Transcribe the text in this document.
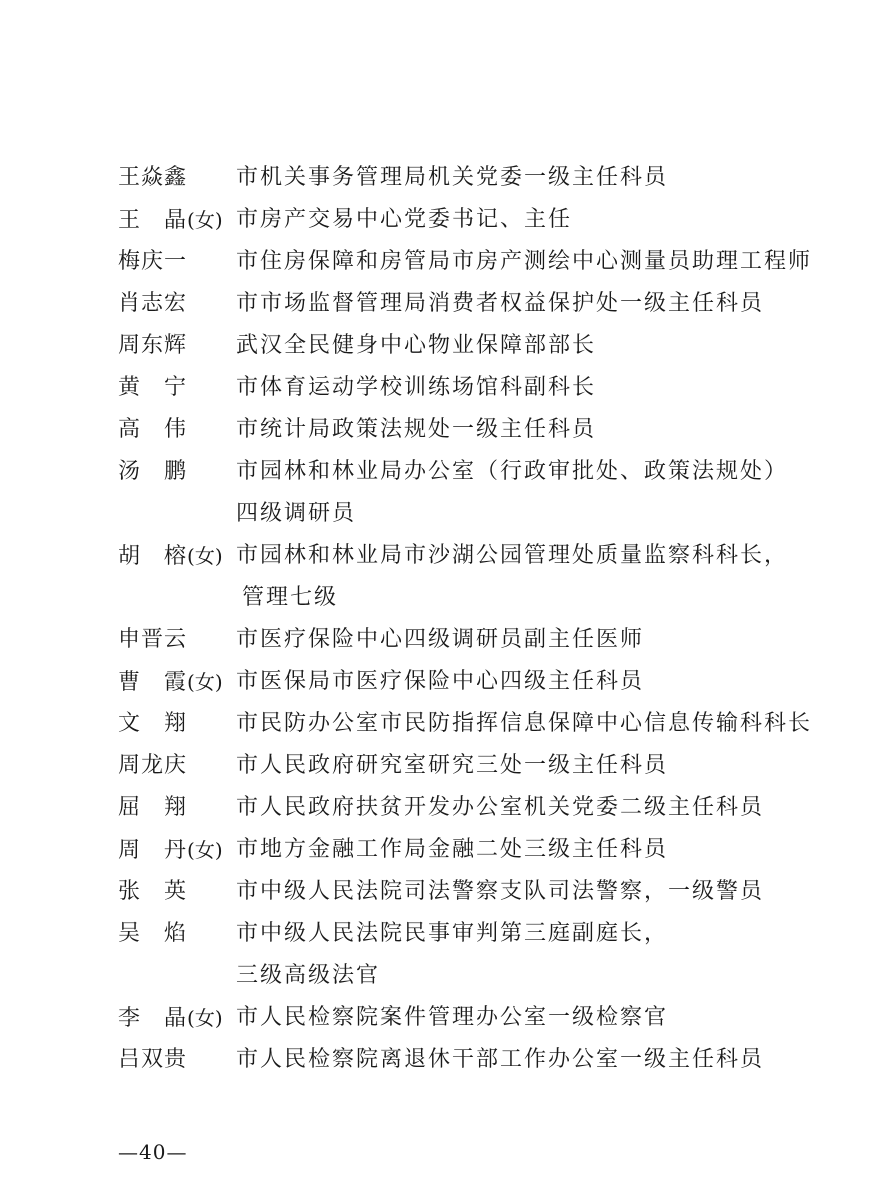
王焱鑫	市机关事务管理局机关党委一级主任科员
王　晶(女) 市房产交易中心党委书记、主任
梅庆一	市住房保障和房管局市房产测绘中心测量员助理工程师
肖志宏	市市场监督管理局消费者权益保护处一级主任科员
周东辉	武汉全民健身中心物业保障部部长
黄　宁	市体育运动学校训练场馆科副科长
高　伟	市统计局政策法规处一级主任科员
汤　鹏	市园林和林业局办公室（行政审批处、政策法规处）
四级调研员
胡　榕(女) 市园林和林业局市沙湖公园管理处质量监察科科长，
管理七级
申晋云	市医疗保险中心四级调研员副主任医师
曹　霞(女) 市医保局市医疗保险中心四级主任科员
文　翔	市民防办公室市民防指挥信息保障中心信息传输科科长
周龙庆	市人民政府研究室研究三处一级主任科员
屈　翔	市人民政府扶贫开发办公室机关党委二级主任科员
周　丹(女) 市地方金融工作局金融二处三级主任科员
张　英	市中级人民法院司法警察支队司法警察，一级警员
吴　焰	市中级人民法院民事审判第三庭副庭长，
三级高级法官
李　晶(女) 市人民检察院案件管理办公室一级检察官
吕双贵	市人民检察院离退休干部工作办公室一级主任科员
—40—
